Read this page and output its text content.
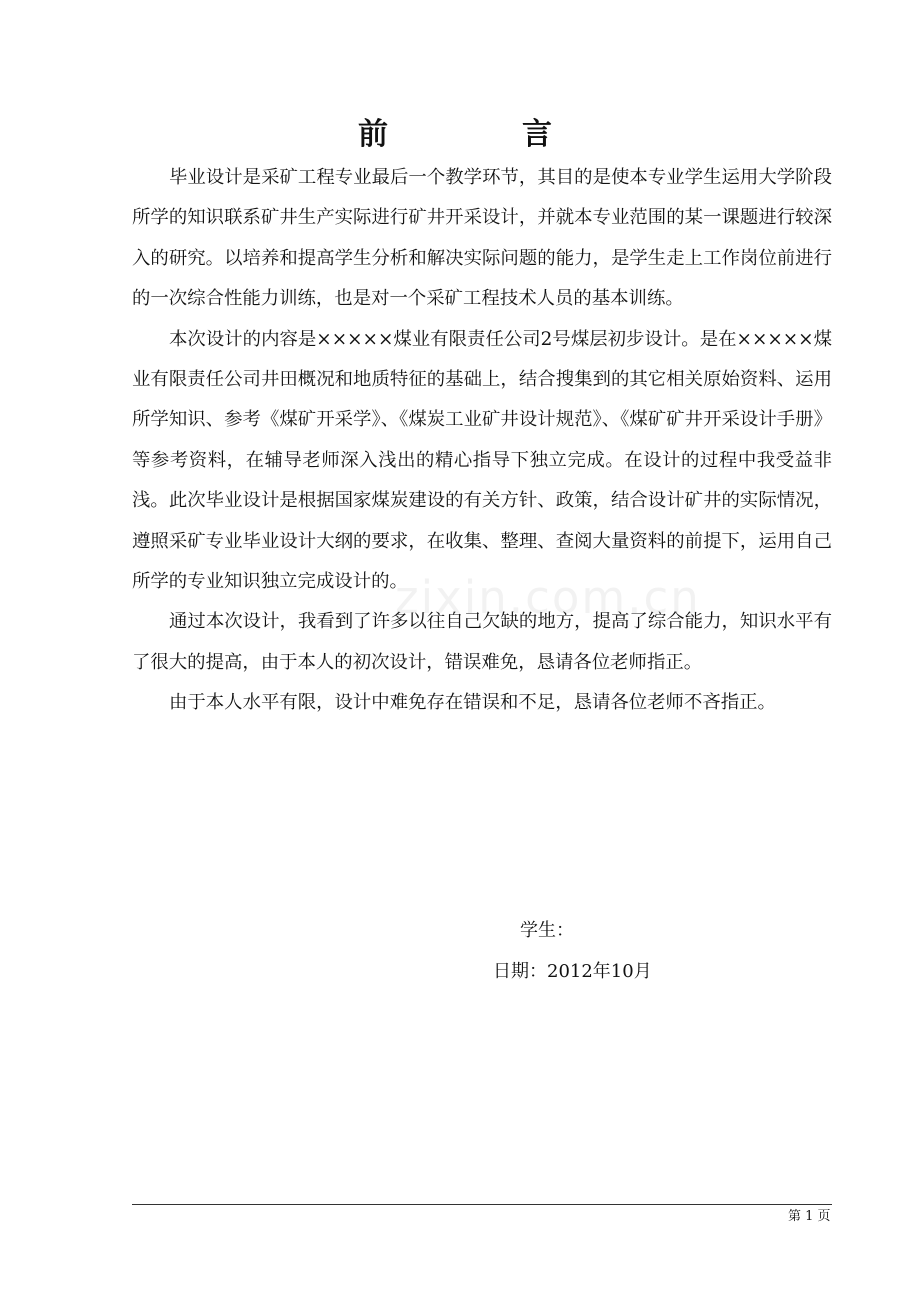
前　言

毕业设计是采矿工程专业最后一个教学环节，其目的是使本专业学生运用大学阶段所学的知识联系矿井生产实际进行矿井开采设计，并就本专业范围的某一课题进行较深入的研究。以培养和提高学生分析和解决实际问题的能力，是学生走上工作岗位前进行的一次综合性能力训练，也是对一个采矿工程技术人员的基本训练。

本次设计的内容是×××××煤业有限责任公司2号煤层初步设计。是在×××××煤业有限责任公司井田概况和地质特征的基础上，结合搜集到的其它相关原始资料、运用所学知识、参考《煤矿开采学》、《煤炭工业矿井设计规范》、《煤矿矿井开采设计手册》等参考资料，在辅导老师深入浅出的精心指导下独立完成。在设计的过程中我受益非浅。此次毕业设计是根据国家煤炭建设的有关方针、政策，结合设计矿井的实际情况，遵照采矿专业毕业设计大纲的要求，在收集、整理、查阅大量资料的前提下，运用自己所学的专业知识独立完成设计的。

通过本次设计，我看到了许多以往自己欠缺的地方，提高了综合能力，知识水平有了很大的提高，由于本人的初次设计，错误难免，恳请各位老师指正。

由于本人水平有限，设计中难免存在错误和不足，恳请各位老师不吝指正。

zixin.com.cn
学生：
日期：2012年10月
第 1 页
